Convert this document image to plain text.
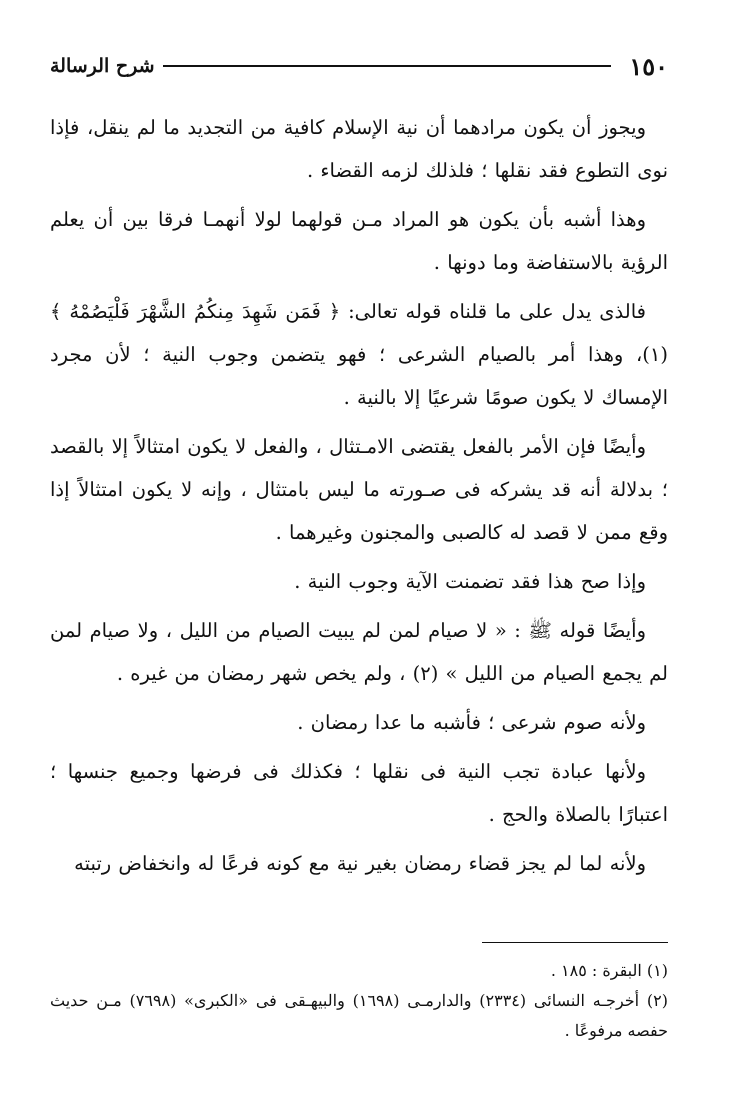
١٥٠
شرح الرسالة

ويجوز أن يكون مرادهما أن نية الإسلام كافية من التجديد ما لم ينقل، فإذا نوى التطوع فقد نقلها ؛ فلذلك لزمه القضاء .

وهذا أشبه بأن يكون هو المراد مـن قولهما لولا أنهمـا فرقا بين أن يعلم الرؤية بالاستفاضة وما دونها .

فالذى يدل على ما قلناه قوله تعالى: ﴿ فَمَن شَهِدَ مِنكُمُ الشَّهْرَ فَلْيَصُمْهُ ﴾ (١)، وهذا أمر بالصيام الشرعى ؛ فهو يتضمن وجوب النية ؛ لأن مجرد الإمساك لا يكون صومًا شرعيًا إلا بالنية .

وأيضًا فإن الأمر بالفعل يقتضى الامـتثال ، والفعل لا يكون امتثالاً إلا بالقصد ؛ بدلالة أنه قد يشركه فى صـورته ما ليس بامتثال ، وإنه لا يكون امتثالاً إذا وقع ممن لا قصد له كالصبى والمجنون وغيرهما .

وإذا صح هذا فقد تضمنت الآية وجوب النية .

وأيضًا قوله ﷺ : « لا صيام لمن لم يبيت الصيام من الليل ، ولا صيام لمن لم يجمع الصيام من الليل » (٢) ، ولم يخص شهر رمضان من غيره .

ولأنه صوم شرعى ؛ فأشبه ما عدا رمضان .

ولأنها عبادة تجب النية فى نقلها ؛ فكذلك فى فرضها وجميع جنسها ؛ اعتبارًا بالصلاة والحج .

ولأنه لما لم يجز قضاء رمضان بغير نية مع كونه فرعًا له وانخفاض رتبته

(١) البقرة : ١٨٥ .

(٢) أخرجـه النسائى (٢٣٣٤) والدارمـى (١٦٩٨) والبيهـقى فى «الكبرى» (٧٦٩٨) مـن حديث حفصه مرفوعًا .
